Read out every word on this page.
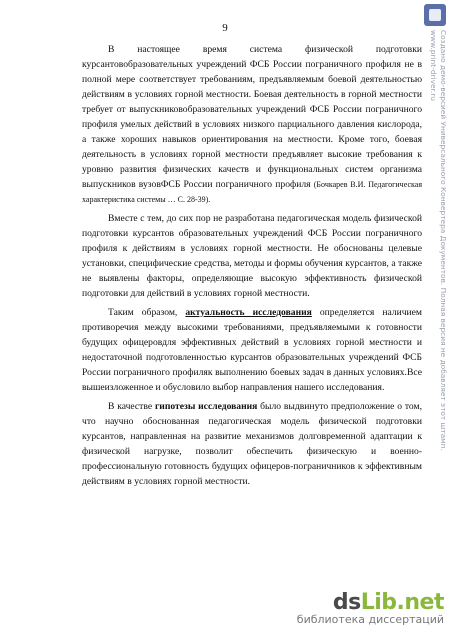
9

В настоящее время система физической подготовки курсантовобразовательных учреждений ФСБ России пограничного профиля не в полной мере соответствует требованиям, предъявляемым боевой деятельностью действиям в условиях горной местности. Боевая деятельность в горной местности требует от выпускниковобразовательных учреждений ФСБ России пограничного профиля умелых действий в условиях низкого парциального давления кислорода, а также хороших навыков ориентирования на местности. Кроме того, боевая деятельность в условиях горной местности предъявляет высокие требования к уровню развития физических качеств и функциональных систем организма выпускников вузовФСБ России пограничного профиля (Бочкарев В.И. Педагогическая характеристика системы … С. 28-39).

Вместе с тем, до сих пор не разработана педагогическая модель физической подготовки курсантов образовательных учреждений ФСБ России пограничного профиля к действиям в условиях горной местности. Не обоснованы целевые установки, специфические средства, методы и формы обучения курсантов, а также не выявлены факторы, определяющие высокую эффективность физической подготовки для действий в условиях горной местности.

Таким образом, актуальность исследования определяется наличием противоречия между высокими требованиями, предъявляемыми к готовности будущих офицеровдля эффективных действий в условиях горной местности и недостаточной подготовленностью курсантов образовательных учреждений ФСБ России пограничного профиляк выполнению боевых задач в данных условиях.Все вышеизложенное и обусловило выбор направления нашего исследования.

В качестве гипотезы исследования было выдвинуто предположение о том, что научно обоснованная педагогическая модель физической подготовки курсантов, направленная на развитие механизмов долговременной адаптации к физической нагрузке, позволит обеспечить физическую и военно-профессиональную готовность будущих офицеров-пограничников к эффективным действиям в условиях горной местности.

Создано демо-версией Универсального Конвертера Документов. Полная версия не добавляет этот штамп.
www.print-driver.ru
dsLib.net
библиотека диссертаций
